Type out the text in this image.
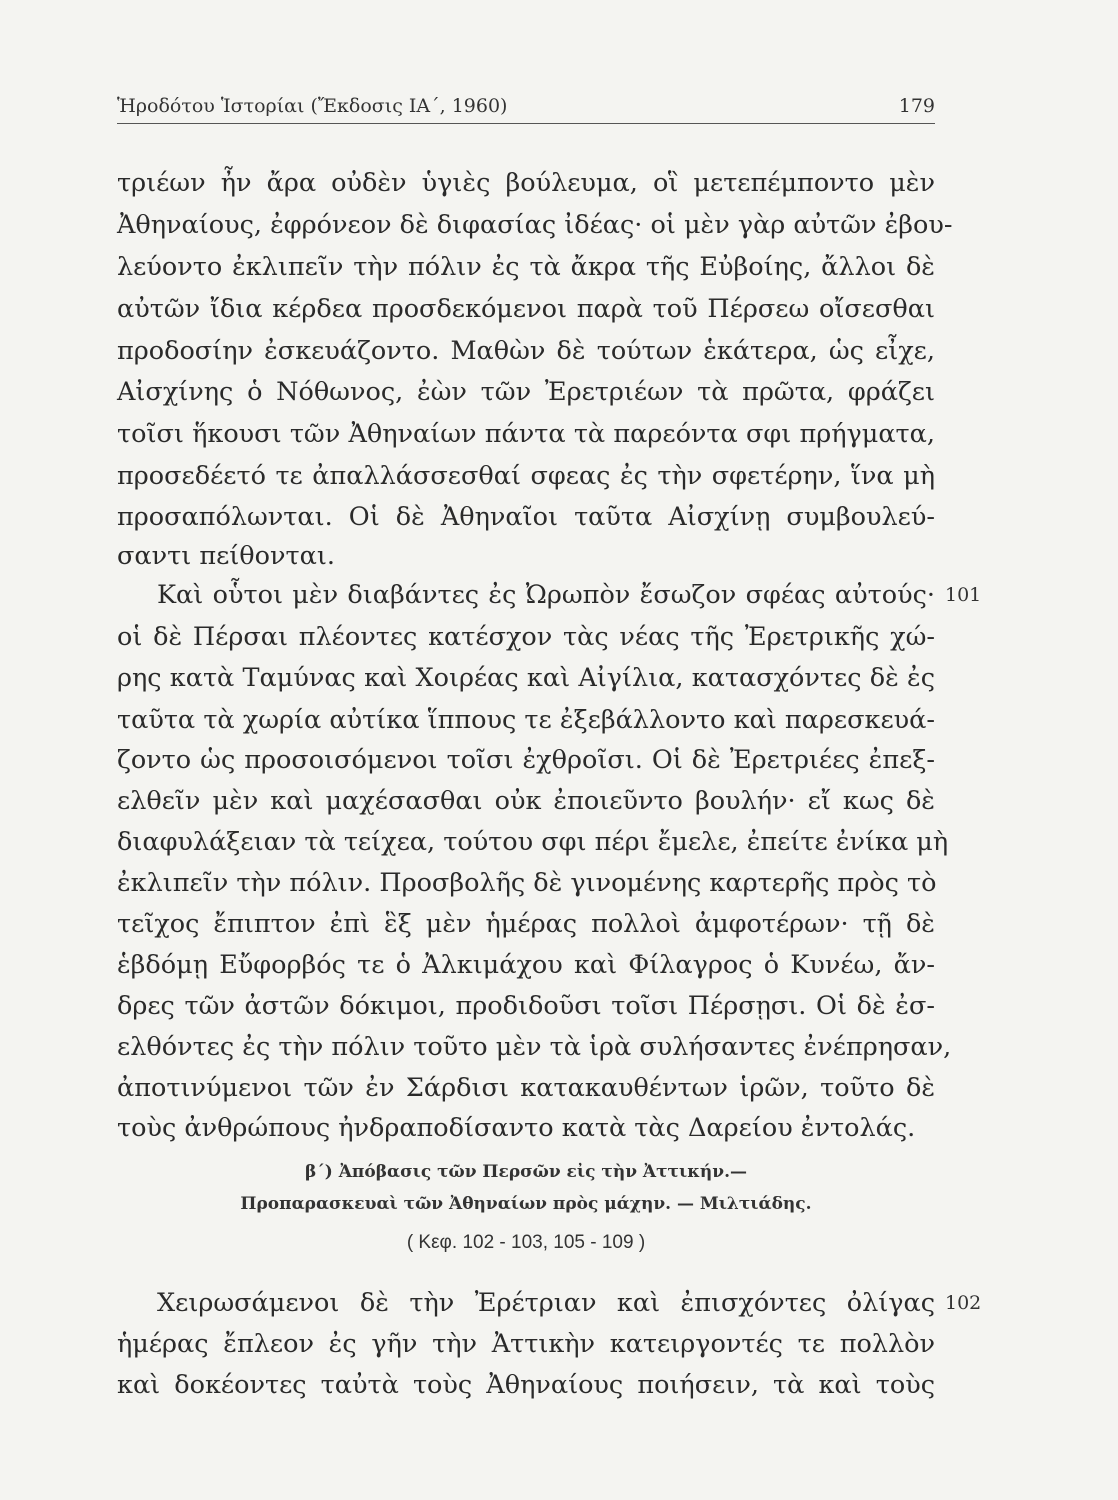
Ἡροδότου Ἱστορίαι (Ἔκδοσις ΙΑ΄, 1960)	179
τριέων ἦν ἄρα οὐδὲν ὑγιὲς βούλευμα, οἳ μετεπέμποντο μὲν
Ἀθηναίους, ἐφρόνεον δὲ διφασίας ἰδέας· οἱ μὲν γὰρ αὐτῶν ἐβου-
λεύοντο ἐκλιπεῖν τὴν πόλιν ἐς τὰ ἄκρα τῆς Εὐβοίης, ἄλλοι δὲ
αὐτῶν ἴδια κέρδεα προσδεκόμενοι παρὰ τοῦ Πέρσεω οἴσεσθαι
προδοσίην ἐσκευάζοντο. Μαθὼν δὲ τούτων ἑκάτερα, ὡς εἶχε,
Αἰσχίνης ὁ Νόθωνος, ἐὼν τῶν Ἐρετριέων τὰ πρῶτα, φράζει
τοῖσι ἥκουσι τῶν Ἀθηναίων πάντα τὰ παρεόντα σφι πρήγματα,
προσεδέετό τε ἀπαλλάσσεσθαί σφεας ἐς τὴν σφετέρην, ἵνα μὴ
προσαπόλωνται. Οἱ δὲ Ἀθηναῖοι ταῦτα Αἰσχίνῃ συμβουλεύ-
σαντι πείθονται.
Καὶ οὗτοι μὲν διαβάντες ἐς Ὠρωπὸν ἔσωζον σφέας αὐτούς· 101
οἱ δὲ Πέρσαι πλέοντες κατέσχον τὰς νέας τῆς Ἐρετρικῆς χώ-
ρης κατὰ Ταμύνας καὶ Χοιρέας καὶ Αἰγίλια, κατασχόντες δὲ ἐς
ταῦτα τὰ χωρία αὐτίκα ἵππους τε ἐξεβάλλοντο καὶ παρεσκευά-
ζοντο ὡς προσοισόμενοι τοῖσι ἐχθροῖσι. Οἱ δὲ Ἐρετριέες ἐπεξ-
ελθεῖν μὲν καὶ μαχέσασθαι οὐκ ἐποιεῦντο βουλήν· εἴ κως δὲ
διαφυλάξειαν τὰ τείχεα, τούτου σφι πέρι ἔμελε, ἐπείτε ἐνίκα μὴ
ἐκλιπεῖν τὴν πόλιν. Προσβολῆς δὲ γινομένης καρτερῆς πρὸς τὸ
τεῖχος ἔπιπτον ἐπὶ ἓξ μὲν ἡμέρας πολλοὶ ἀμφοτέρων· τῇ δὲ
ἑβδόμῃ Εὔφορβός τε ὁ Ἀλκιμάχου καὶ Φίλαγρος ὁ Κυνέω, ἄν-
δρες τῶν ἀστῶν δόκιμοι, προδιδοῦσι τοῖσι Πέρσῃσι. Οἱ δὲ ἐσ-
ελθόντες ἐς τὴν πόλιν τοῦτο μὲν τὰ ἱρὰ συλήσαντες ἐνέπρησαν,
ἀποτινύμενοι τῶν ἐν Σάρδισι κατακαυθέντων ἱρῶν, τοῦτο δὲ
τοὺς ἀνθρώπους ἠνδραποδίσαντο κατὰ τὰς Δαρείου ἐντολάς.
β΄) Ἀπόβασις τῶν Περσῶν εἰς τὴν Ἀττικήν.—
Προπαρασκευαὶ τῶν Ἀθηναίων πρὸς μάχην. — Μιλτιάδης.
( Κεφ. 102 - 103, 105 - 109 )
Χειρωσάμενοι δὲ τὴν Ἐρέτριαν καὶ ἐπισχόντες ὀλίγας 102
ἡμέρας ἔπλεον ἐς γῆν τὴν Ἀττικὴν κατειργοντές τε πολλὸν
καὶ δοκέοντες ταὐτὰ τοὺς Ἀθηναίους ποιήσειν, τὰ καὶ τοὺς
